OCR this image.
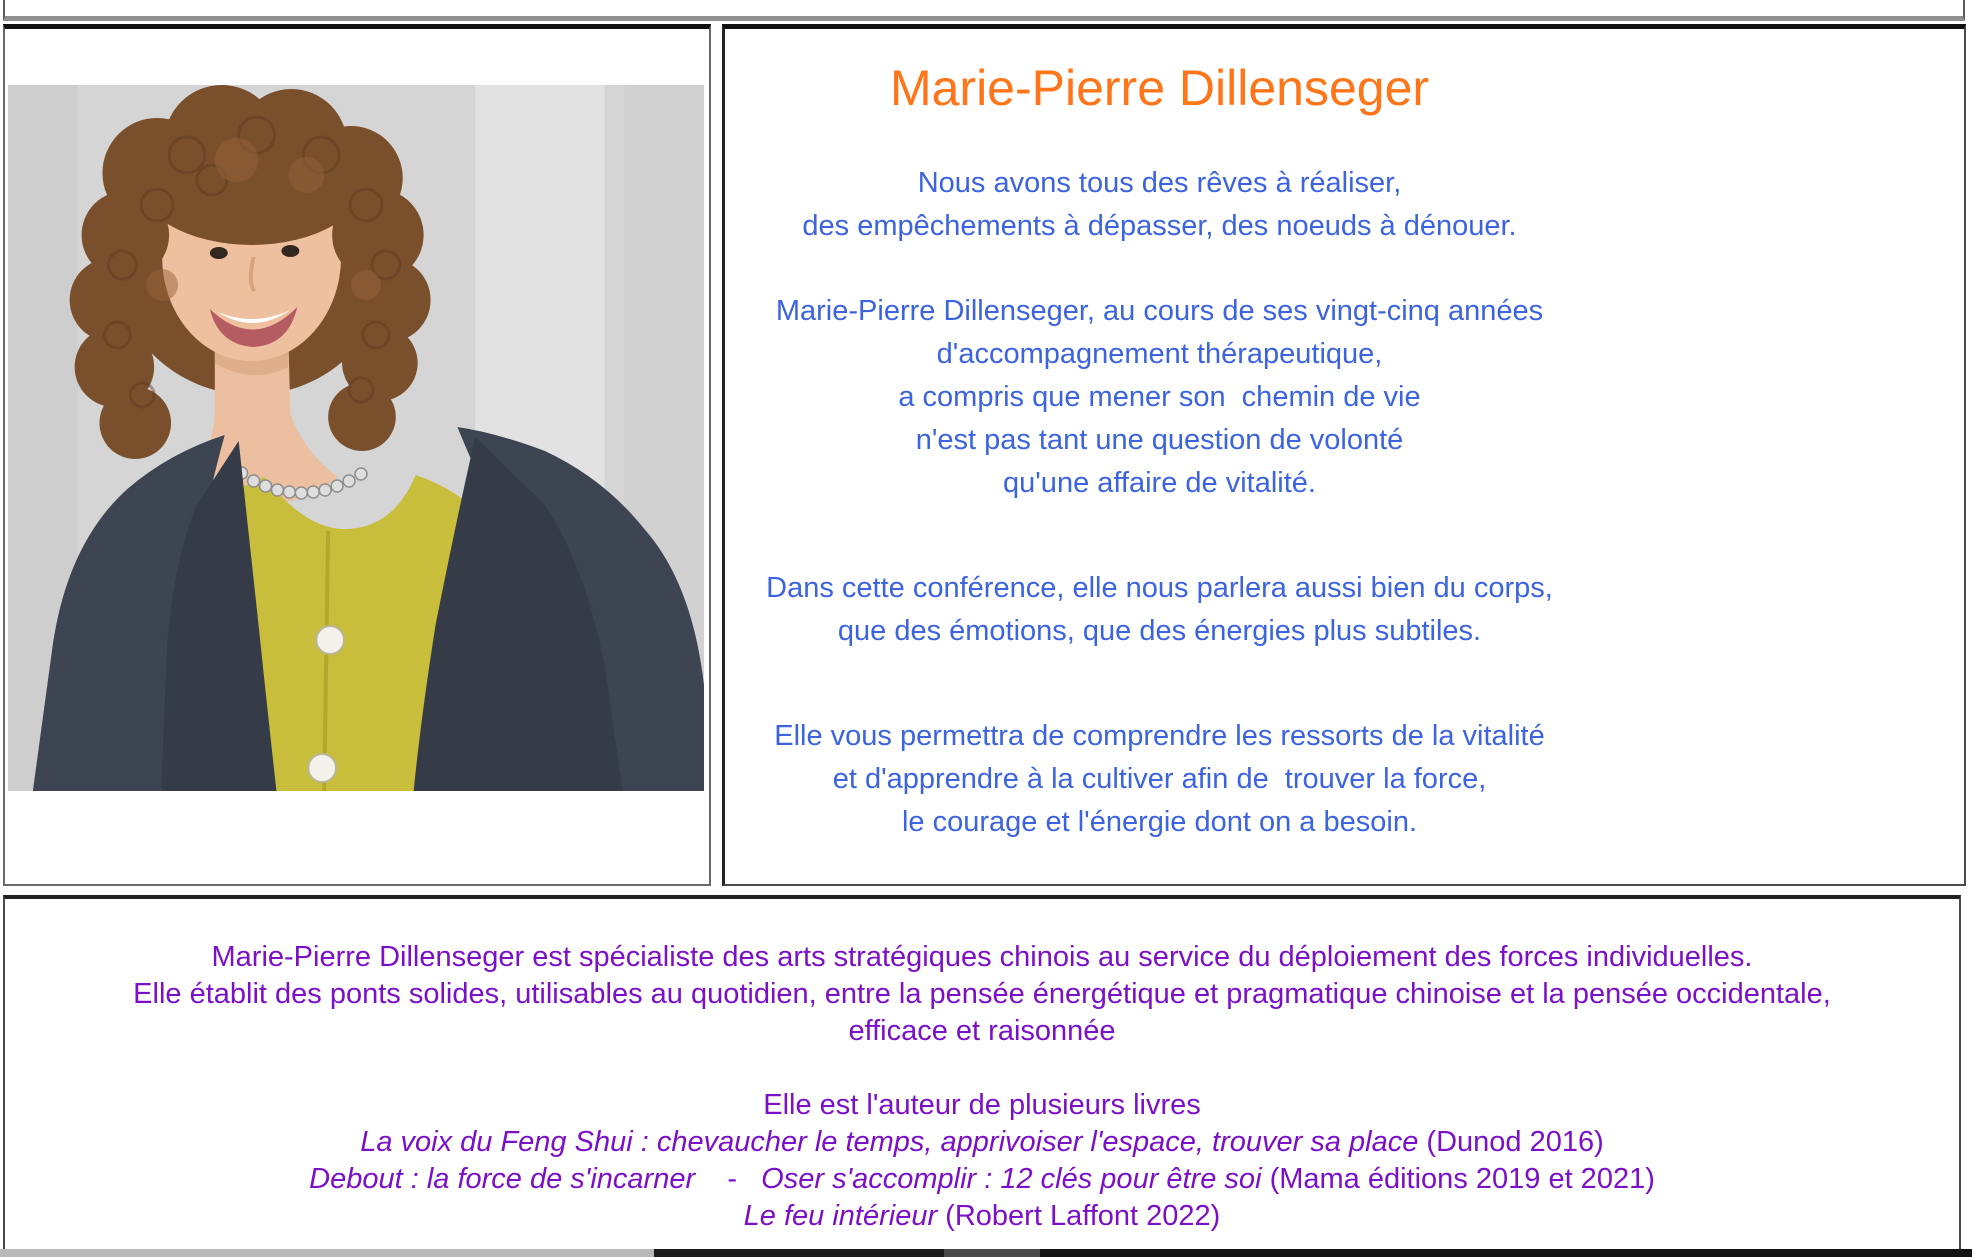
Marie-Pierre Dillenseger
Nous avons tous des rêves à réaliser,
des empêchements à dépasser, des noeuds à dénouer.
Marie-Pierre Dillenseger, au cours de ses vingt-cinq années
d'accompagnement thérapeutique,
a compris que mener son  chemin de vie
n'est pas tant une question de volonté
qu'une affaire de vitalité.
Dans cette conférence, elle nous parlera aussi bien du corps,
que des émotions, que des énergies plus subtiles.
Elle vous permettra de comprendre les ressorts de la vitalité
et d'apprendre à la cultiver afin de  trouver la force,
le courage et l'énergie dont on a besoin.
Marie-Pierre Dillenseger est spécialiste des arts stratégiques chinois au service du déploiement des forces individuelles.
Elle établit des ponts solides, utilisables au quotidien, entre la pensée énergétique et pragmatique chinoise et la pensée occidentale,
efficace et raisonnée
Elle est l'auteur de plusieurs livres
La voix du Feng Shui : chevaucher le temps, apprivoiser l'espace, trouver sa place (Dunod 2016)
Debout : la force de s'incarner    -   Oser s'accomplir : 12 clés pour être soi (Mama éditions 2019 et 2021)
Le feu intérieur (Robert Laffont 2022)
